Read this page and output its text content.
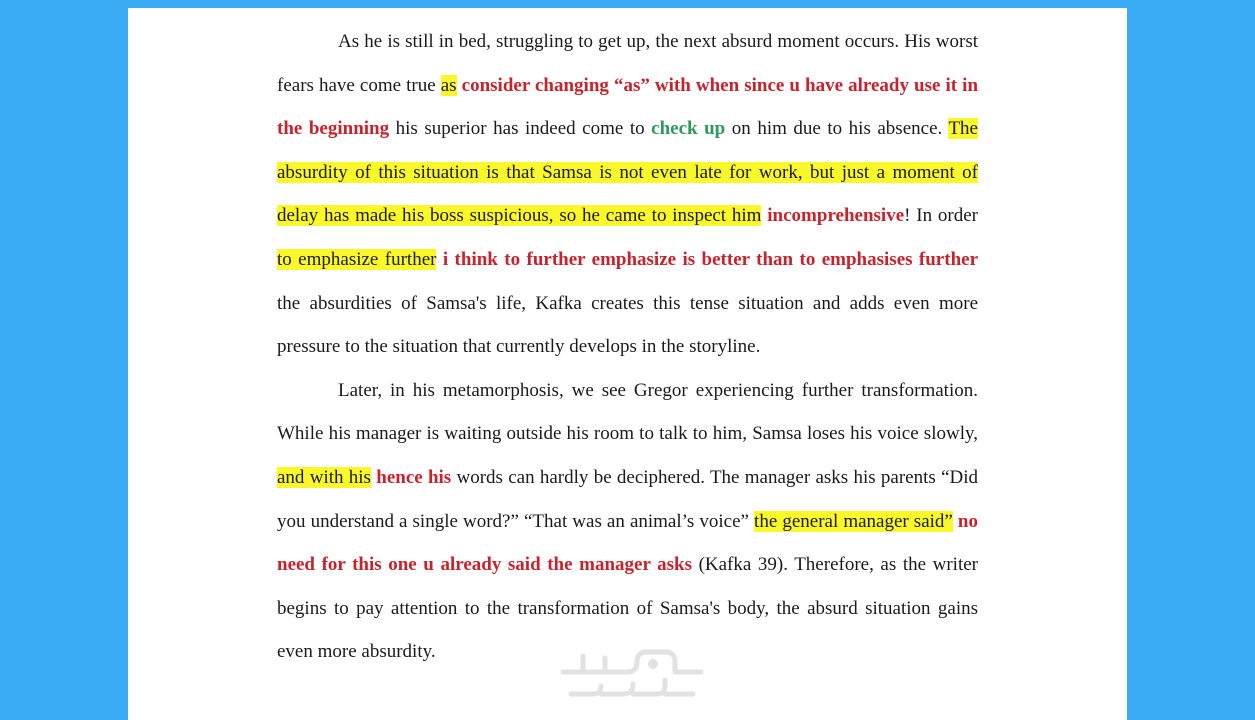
As he is still in bed, struggling to get up, the next absurd moment occurs. His worst fears have come true as consider changing “as” with when since u have already use it in the beginning his superior has indeed come to check up on him due to his absence. The absurdity of this situation is that Samsa is not even late for work, but just a moment of delay has made his boss suspicious, so he came to inspect him incomprehensive! In order to emphasize further i think to further emphasize is better than to emphasises further the absurdities of Samsa's life, Kafka creates this tense situation and adds even more pressure to the situation that currently develops in the storyline.

Later, in his metamorphosis, we see Gregor experiencing further transformation. While his manager is waiting outside his room to talk to him, Samsa loses his voice slowly, and with his hence his words can hardly be deciphered. The manager asks his parents “Did you understand a single word?” “That was an animal’s voice” the general manager said” no need for this one u already said the manager asks (Kafka 39). Therefore, as the writer begins to pay attention to the transformation of Samsa's body, the absurd situation gains even more absurdity.
